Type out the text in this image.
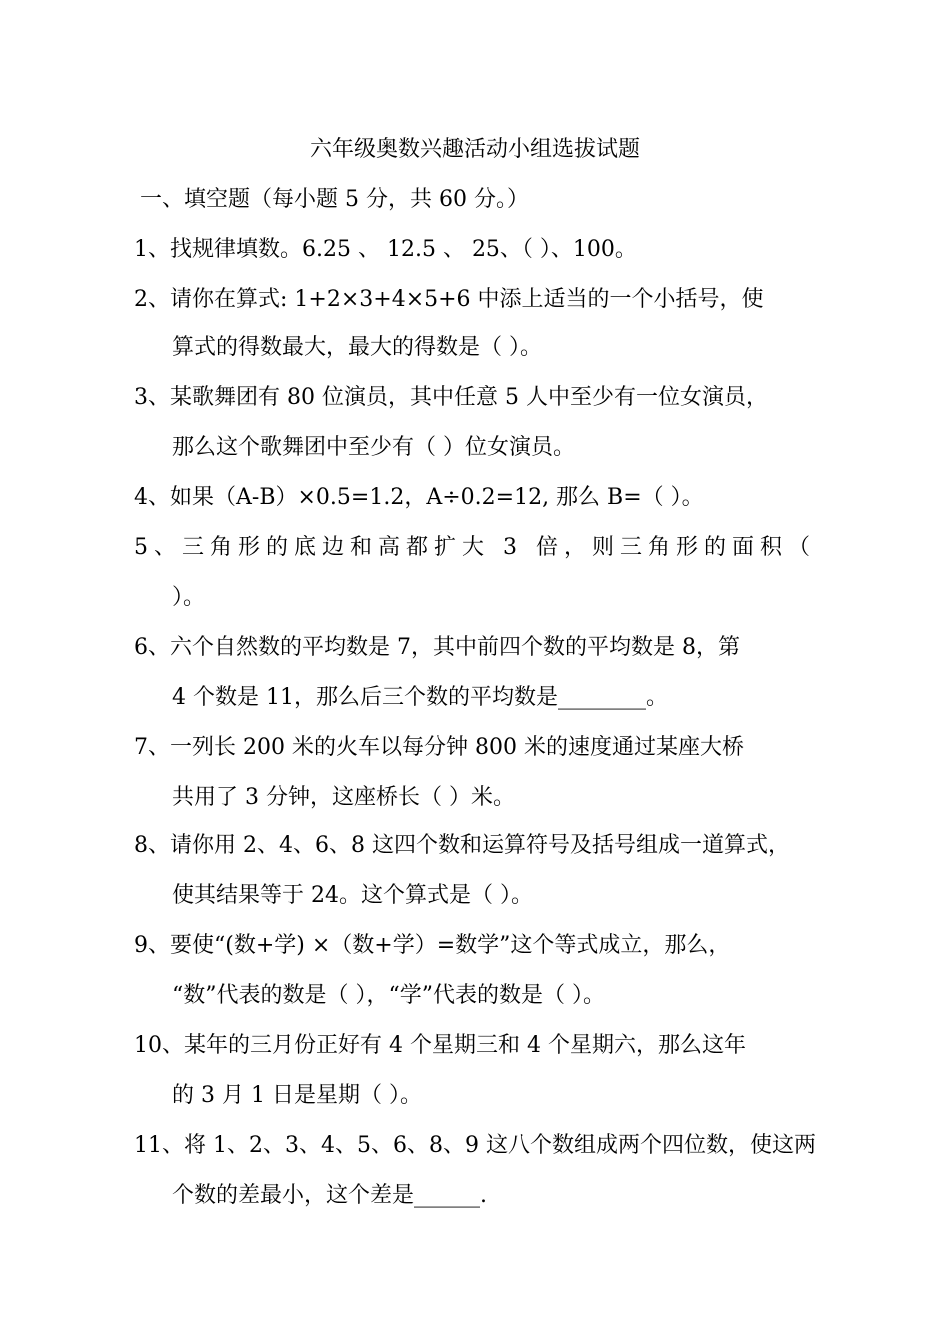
六年级奥数兴趣活动小组选拔试题
一、填空题（每小题 5 分，共 60 分。）
1、找规律填数。6.25 、 12.5 、 25、（ ）、100。
2、请你在算式: 1+2×3+4×5+6 中添上适当的一个小括号，使
算式的得数最大，最大的得数是（ ）。
3、某歌舞团有 80 位演员，其中任意 5 人中至少有一位女演员，
那么这个歌舞团中至少有（ ）位女演员。
4、如果（A-B）×0.5=1.2，A÷0.2=12, 那么 B=（ ）。
5、三角形的底边和高都扩大 3 倍，则三角形的面积（
）。
6、六个自然数的平均数是 7，其中前四个数的平均数是 8，第
4 个数是 11，那么后三个数的平均数是________。
7、一列长 200 米的火车以每分钟 800 米的速度通过某座大桥
共用了 3 分钟，这座桥长（ ）米。
8、请你用 2、4、6、8 这四个数和运算符号及括号组成一道算式，
使其结果等于 24。这个算式是（ ）。
9、要使“(数+学) ×（数+学）=数学”这个等式成立，那么，
“数”代表的数是（ ），“学”代表的数是（ ）。
10、某年的三月份正好有 4 个星期三和 4 个星期六，那么这年
的 3 月 1 日是星期（ ）。
11、将 1、2、3、4、5、6、8、9 这八个数组成两个四位数，使这两
个数的差最小，这个差是______.
